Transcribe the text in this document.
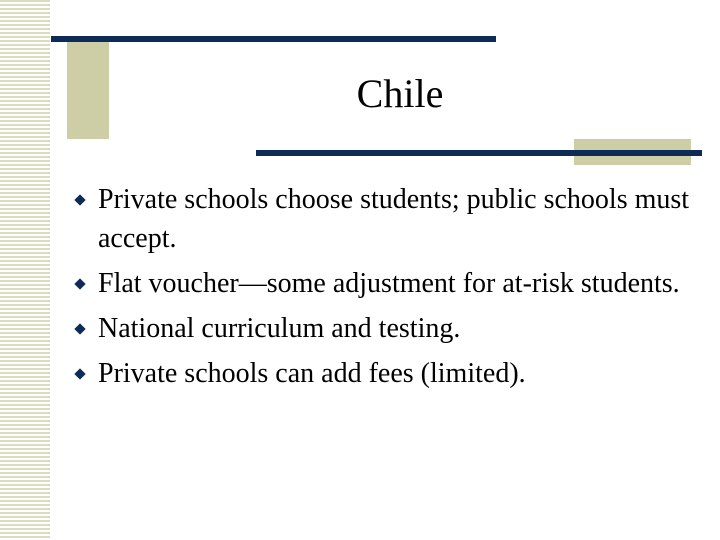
Chile
Private schools choose students; public schools must accept.
Flat voucher—some adjustment for at-risk students.
National curriculum and testing.
Private schools can add fees (limited).
